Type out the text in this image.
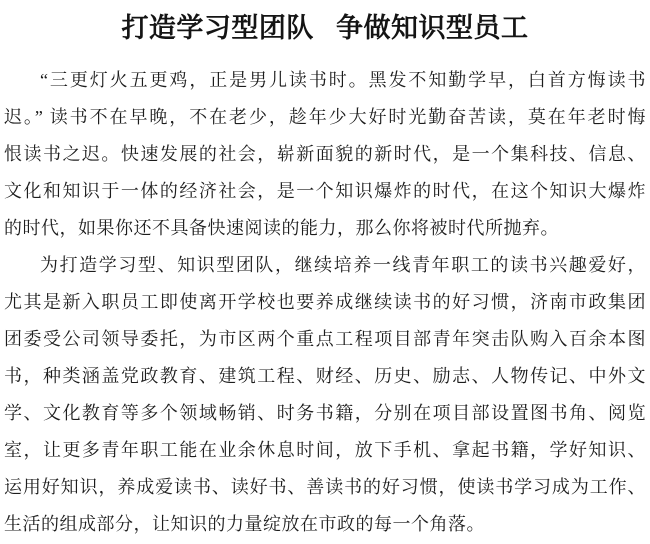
打造学习型团队 争做知识型员工
“三更灯火五更鸡，正是男儿读书时。黑发不知勤学早，白首方悔读书
迟。” 读书不在早晚，不在老少，趁年少大好时光勤奋苦读，莫在年老时悔
恨读书之迟。快速发展的社会，崭新面貌的新时代，是一个集科技、信息、
文化和知识于一体的经济社会，是一个知识爆炸的时代，在这个知识大爆炸
的时代，如果你还不具备快速阅读的能力，那么你将被时代所抛弃。
为打造学习型、知识型团队，继续培养一线青年职工的读书兴趣爱好，
尤其是新入职员工即使离开学校也要养成继续读书的好习惯，济南市政集团
团委受公司领导委托，为市区两个重点工程项目部青年突击队购入百余本图
书，种类涵盖党政教育、建筑工程、财经、历史、励志、人物传记、中外文
学、文化教育等多个领域畅销、时务书籍，分别在项目部设置图书角、阅览
室，让更多青年职工能在业余休息时间，放下手机、拿起书籍，学好知识、
运用好知识，养成爱读书、读好书、善读书的好习惯，使读书学习成为工作、
生活的组成部分，让知识的力量绽放在市政的每一个角落。
